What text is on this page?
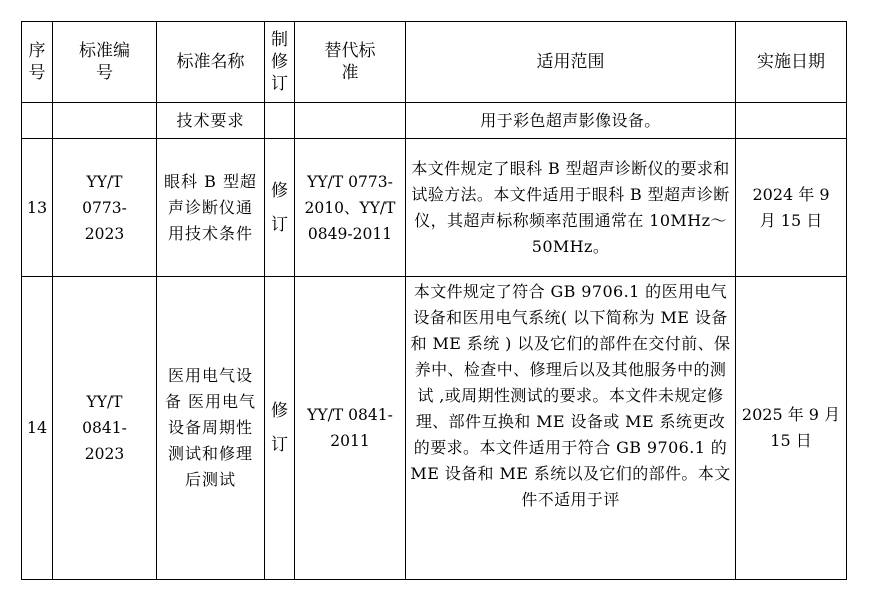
序号	标准编号	标准名称	制修订	替代标准	适用范围	实施日期
		技术要求			用于彩色超声影像设备。	
13	YY/T 0773-2023	眼科 B 型超声诊断仪通用技术条件	修订	YY/T 0773-2010、YY/T 0849-2011	本文件规定了眼科 B 型超声诊断仪的要求和试验方法。本文件适用于眼科 B 型超声诊断仪，其超声标称频率范围通常在 10MHz～50MHz。	2024 年 9 月 15 日
14	YY/T 0841-2023	医用电气设备 医用电气设备周期性测试和修理后测试	修订	YY/T 0841-2011	本文件规定了符合 GB 9706.1 的医用电气设备和医用电气系统( 以下简称为 ME 设备和 ME 系统 ) 以及它们的部件在交付前、保养中、检查中、修理后以及其他服务中的测试 ,或周期性测试的要求。本文件未规定修理、部件互换和 ME 设备或 ME 系统更改的要求。本文件适用于符合 GB 9706.1 的 ME 设备和 ME 系统以及它们的部件。本文件不适用于评	2025 年 9 月 15 日
